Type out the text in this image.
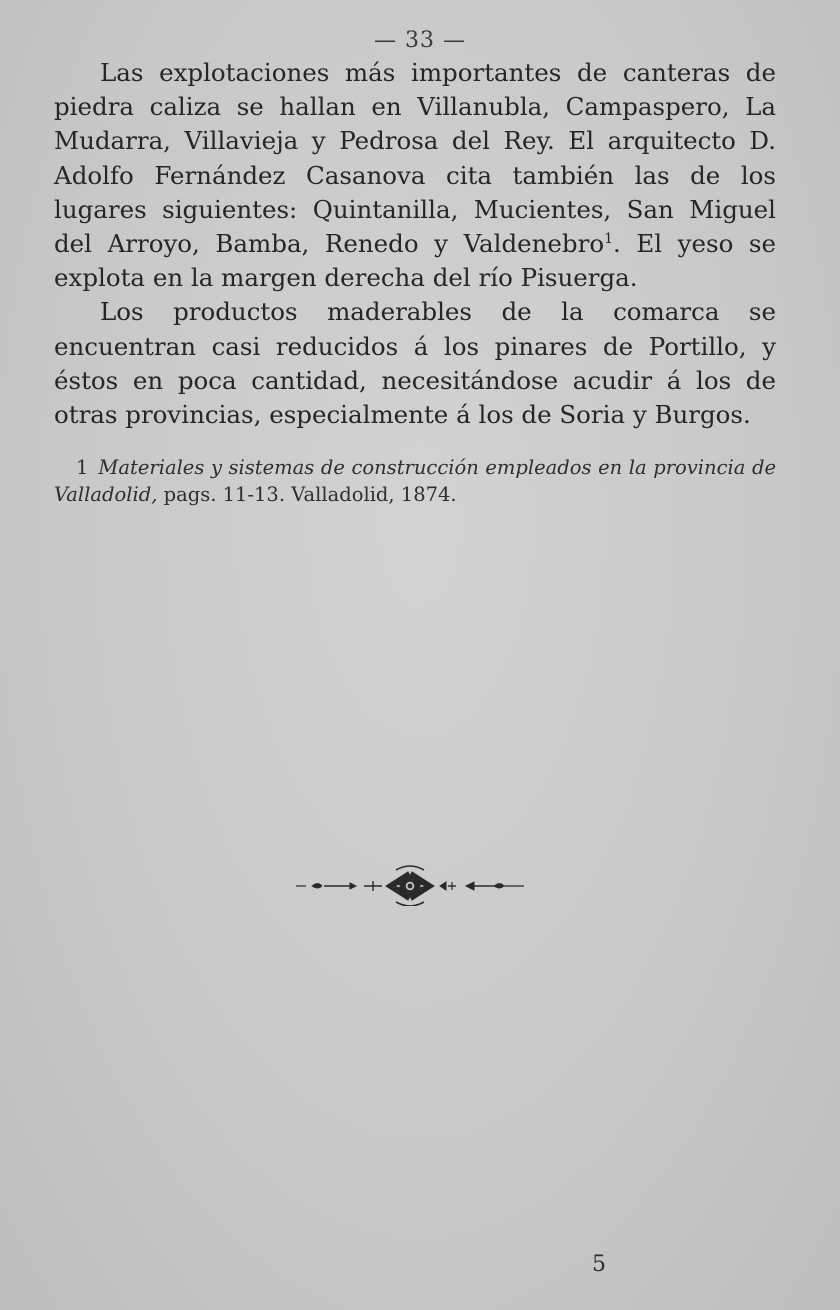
— 33 —

Las explotaciones más importantes de canteras de piedra caliza se hallan en Villanubla, Campaspero, La Mudarra, Villavieja y Pedrosa del Rey. El arquitecto D. Adolfo Fernández Casanova cita también las de los lugares siguientes: Quintanilla, Mucientes, San Miguel del Arroyo, Bamba, Renedo y Valdenebro$^1$. El yeso se explota en la margen derecha del río Pisuerga.

Los productos maderables de la comarca se encuentran casi reducidos á los pinares de Portillo, y éstos en poca cantidad, necesitándose acudir á los de otras provincias, especialmente á los de Soria y Burgos.

1 Materiales y sistemas de construcción empleados en la provincia de Valladolid, pags. 11-13. Valladolid, 1874.

5
